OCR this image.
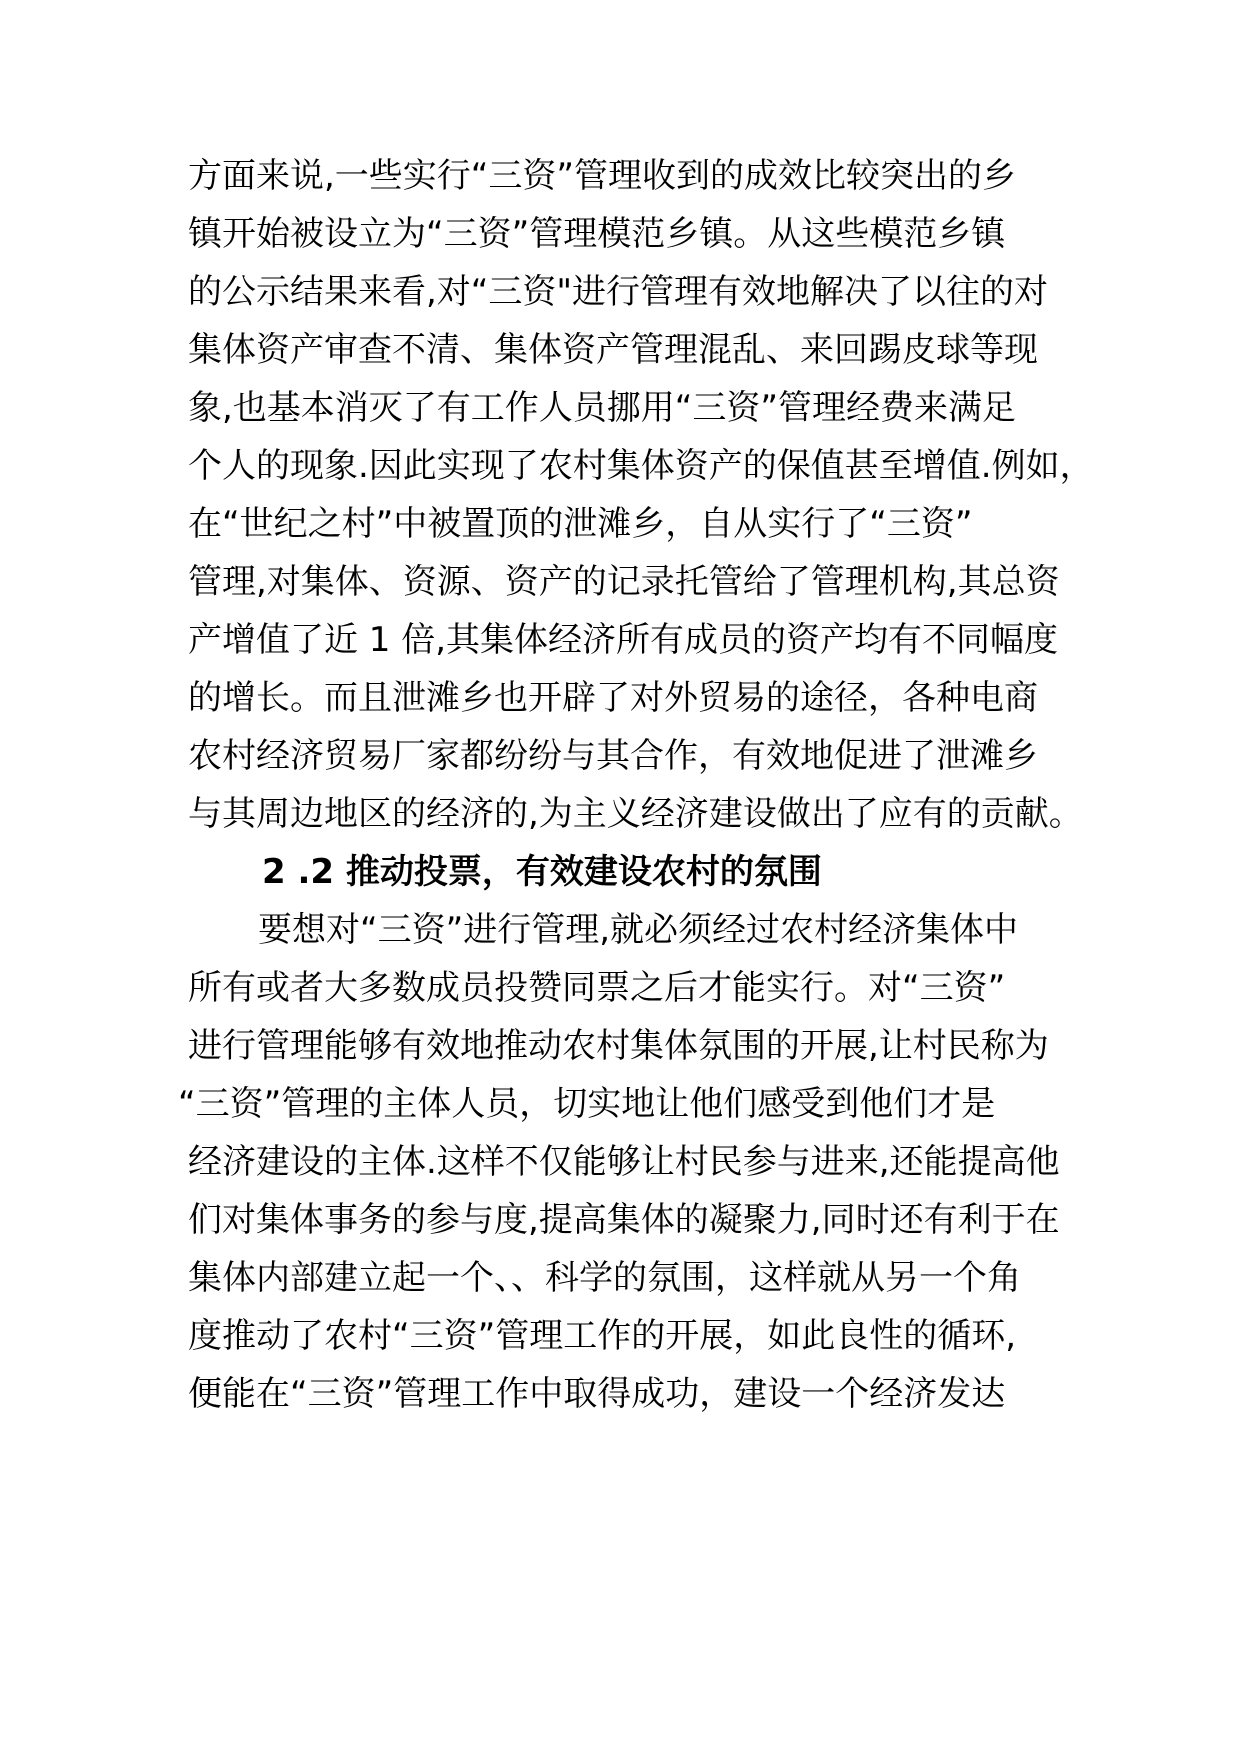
方面来说,一些实行“三资”管理收到的成效比较突出的乡
镇开始被设立为“三资”管理模范乡镇。从这些模范乡镇
的公示结果来看,对“三资"进行管理有效地解决了以往的对
集体资产审查不清、集体资产管理混乱、来回踢皮球等现
象,也基本消灭了有工作人员挪用“三资”管理经费来满足
个人的现象.因此实现了农村集体资产的保值甚至增值.例如，
在“世纪之村”中被置顶的泄滩乡，自从实行了“三资”
管理,对集体、资源、资产的记录托管给了管理机构,其总资
产增值了近 1 倍,其集体经济所有成员的资产均有不同幅度
的增长。而且泄滩乡也开辟了对外贸易的途径，各种电商
农村经济贸易厂家都纷纷与其合作，有效地促进了泄滩乡
与其周边地区的经济的,为主义经济建设做出了应有的贡献。
2 .2 推动投票，有效建设农村的氛围
要想对“三资”进行管理,就必须经过农村经济集体中
所有或者大多数成员投赞同票之后才能实行。对“三资”
进行管理能够有效地推动农村集体氛围的开展,让村民称为
“三资”管理的主体人员，切实地让他们感受到他们才是
经济建设的主体.这样不仅能够让村民参与进来,还能提高他
们对集体事务的参与度,提高集体的凝聚力,同时还有利于在
集体内部建立起一个、、科学的氛围，这样就从另一个角
度推动了农村“三资”管理工作的开展，如此良性的循环,
便能在“三资”管理工作中取得成功，建设一个经济发达
